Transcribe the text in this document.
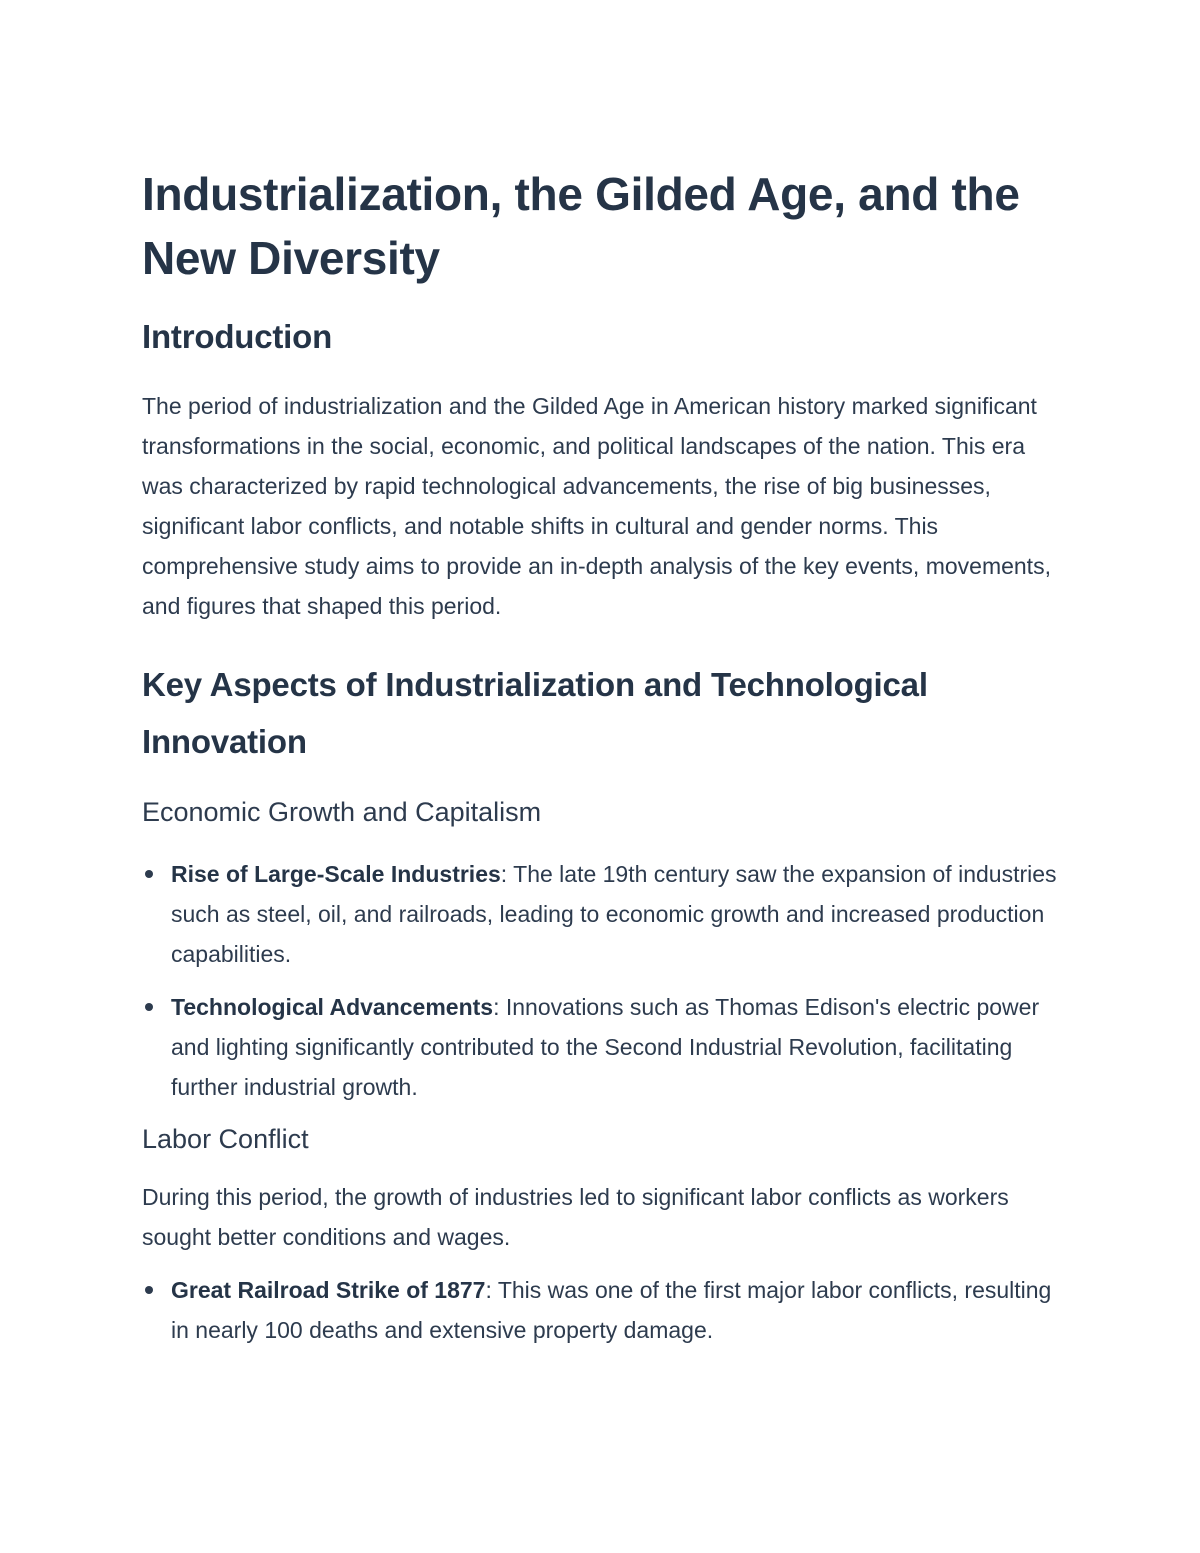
Industrialization, the Gilded Age, and the New Diversity
Introduction

The period of industrialization and the Gilded Age in American history marked significant transformations in the social, economic, and political landscapes of the nation. This era was characterized by rapid technological advancements, the rise of big businesses, significant labor conflicts, and notable shifts in cultural and gender norms. This comprehensive study aims to provide an in-depth analysis of the key events, movements, and figures that shaped this period.

Key Aspects of Industrialization and Technological Innovation
Economic Growth and Capitalism
Rise of Large-Scale Industries: The late 19th century saw the expansion of industries such as steel, oil, and railroads, leading to economic growth and increased production capabilities.
Technological Advancements: Innovations such as Thomas Edison's electric power and lighting significantly contributed to the Second Industrial Revolution, facilitating further industrial growth.
Labor Conflict

During this period, the growth of industries led to significant labor conflicts as workers sought better conditions and wages.

Great Railroad Strike of 1877: This was one of the first major labor conflicts, resulting in nearly 100 deaths and extensive property damage.
